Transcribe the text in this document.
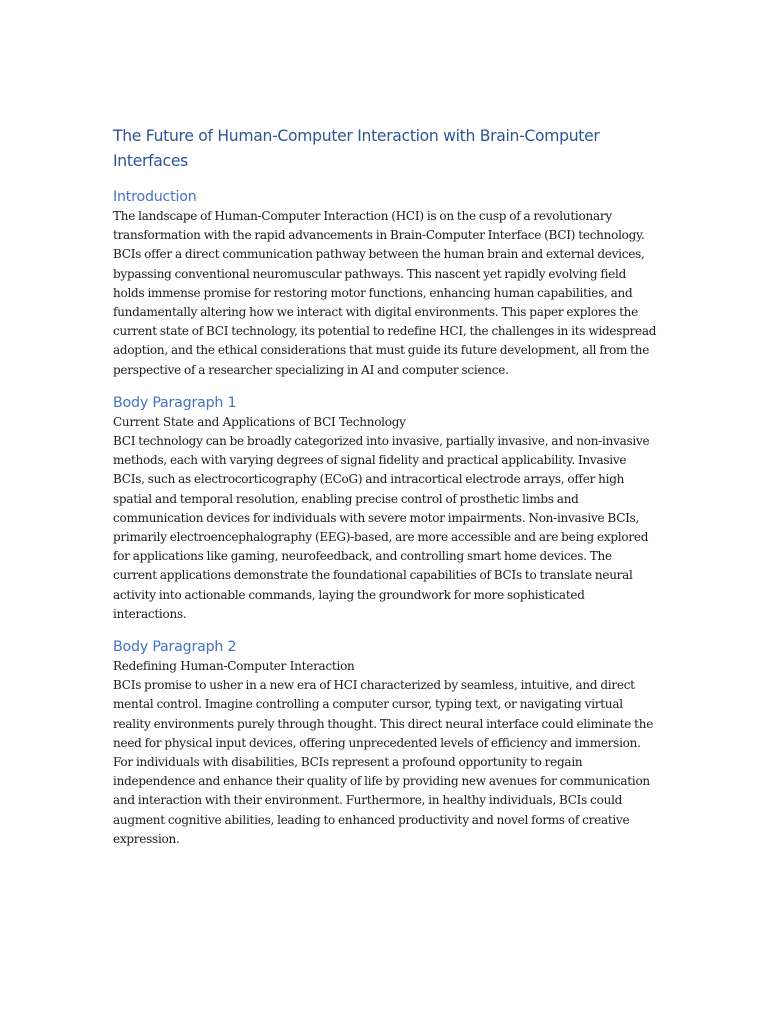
The Future of Human-Computer Interaction with Brain-Computer Interfaces
Introduction

The landscape of Human-Computer Interaction (HCI) is on the cusp of a revolutionary transformation with the rapid advancements in Brain-Computer Interface (BCI) technology. BCIs offer a direct communication pathway between the human brain and external devices, bypassing conventional neuromuscular pathways. This nascent yet rapidly evolving field holds immense promise for restoring motor functions, enhancing human capabilities, and fundamentally altering how we interact with digital environments. This paper explores the current state of BCI technology, its potential to redefine HCI, the challenges in its widespread adoption, and the ethical considerations that must guide its future development, all from the perspective of a researcher specializing in AI and computer science.

Body Paragraph 1

Current State and Applications of BCI Technology

BCI technology can be broadly categorized into invasive, partially invasive, and non-invasive methods, each with varying degrees of signal fidelity and practical applicability. Invasive BCIs, such as electrocorticography (ECoG) and intracortical electrode arrays, offer high spatial and temporal resolution, enabling precise control of prosthetic limbs and communication devices for individuals with severe motor impairments. Non-invasive BCIs, primarily electroencephalography (EEG)-based, are more accessible and are being explored for applications like gaming, neurofeedback, and controlling smart home devices. The current applications demonstrate the foundational capabilities of BCIs to translate neural activity into actionable commands, laying the groundwork for more sophisticated interactions.

Body Paragraph 2

Redefining Human-Computer Interaction

BCIs promise to usher in a new era of HCI characterized by seamless, intuitive, and direct mental control. Imagine controlling a computer cursor, typing text, or navigating virtual reality environments purely through thought. This direct neural interface could eliminate the need for physical input devices, offering unprecedented levels of efficiency and immersion. For individuals with disabilities, BCIs represent a profound opportunity to regain independence and enhance their quality of life by providing new avenues for communication and interaction with their environment. Furthermore, in healthy individuals, BCIs could augment cognitive abilities, leading to enhanced productivity and novel forms of creative expression.
